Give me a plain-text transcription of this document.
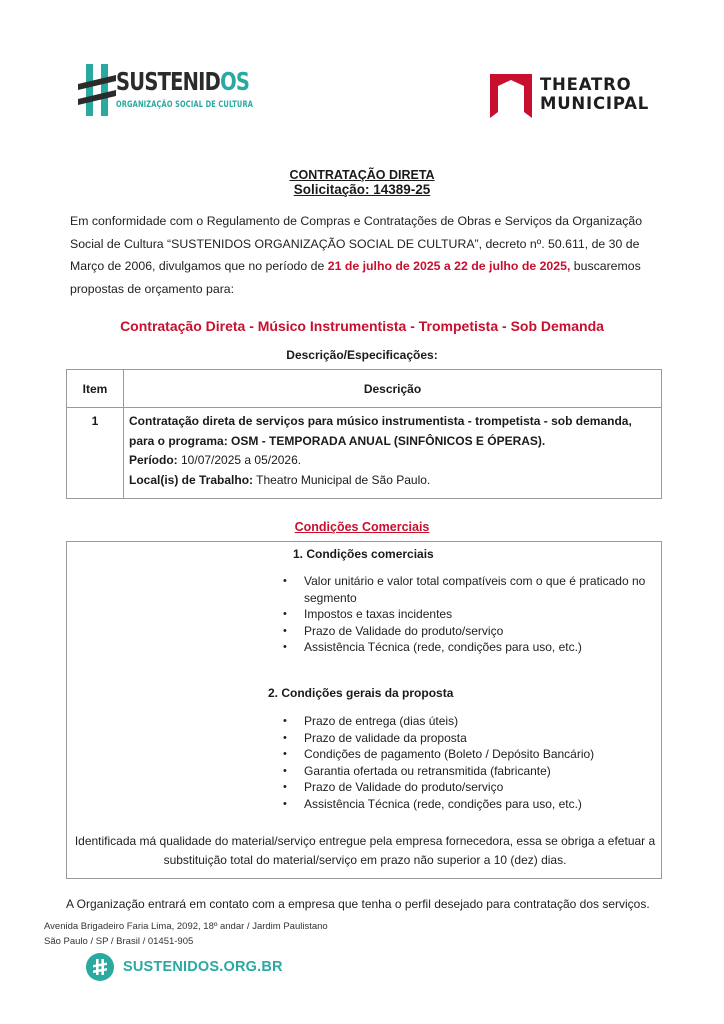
SUSTENIDOS
ORGANIZAÇÃO SOCIAL DE CULTURA
THEATRO
MUNICIPAL
CONTRATAÇÃO DIRETA
Solicitação: 14389-25

Em conformidade com o Regulamento de Compras e Contratações de Obras e Serviços da Organização Social de Cultura “SUSTENIDOS ORGANIZAÇÃO SOCIAL DE CULTURA”, decreto nº. 50.611, de 30 de Março de 2006, divulgamos que no período de 21 de julho de 2025 a 22 de julho de 2025, buscaremos propostas de orçamento para:

Contratação Direta - Músico Instrumentista - Trompetista - Sob Demanda
Descrição/Especificações:
Item	Descrição
1	Contratação direta de serviços para músico instrumentista - trompetista - sob demanda, para o programa: OSM - TEMPORADA ANUAL (SINFÔNICOS E ÓPERAS).
Período: 10/07/2025 a 05/2026.
Local(is) de Trabalho: Theatro Municipal de São Paulo.
Condições Comerciais
1. Condições comerciais
• Valor unitário e valor total compatíveis com o que é praticado no segmento
• Impostos e taxas incidentes
• Prazo de Validade do produto/serviço
• Assistência Técnica (rede, condições para uso, etc.)
2. Condições gerais da proposta
• Prazo de entrega (dias úteis)
• Prazo de validade da proposta
• Condições de pagamento (Boleto / Depósito Bancário)
• Garantia ofertada ou retransmitida (fabricante)
• Prazo de Validade do produto/serviço
• Assistência Técnica (rede, condições para uso, etc.)

Identificada má qualidade do material/serviço entregue pela empresa fornecedora, essa se obriga a efetuar a substituição total do material/serviço em prazo não superior a 10 (dez) dias.

A Organização entrará em contato com a empresa que tenha o perfil desejado para contratação dos serviços.

Avenida Brigadeiro Faria Lima, 2092, 18º andar / Jardim Paulistano
São Paulo / SP / Brasil / 01451-905
SUSTENIDOS.ORG.BR
